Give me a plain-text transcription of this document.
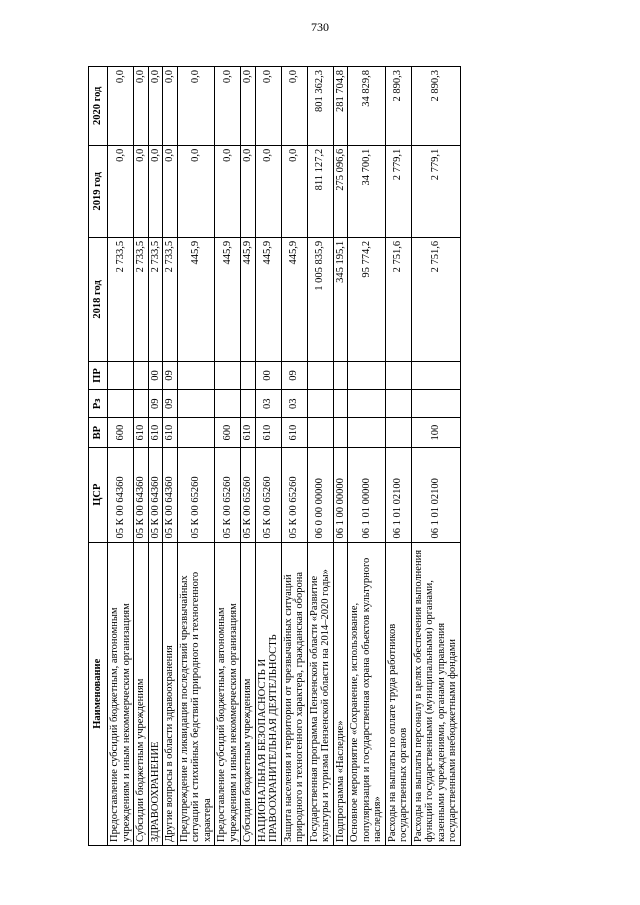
730
Наименование	ЦСР	ВР	Рз	ПР	2018 год	2019 год	2020 год
Предоставление субсидий бюджетным, автономным учреждениям и иным некоммерческим организациям	05 К 00 64360	600			2 733,5	0,0	0,0
Субсидии бюджетным учреждениям	05 К 00 64360	610			2 733,5	0,0	0,0
ЗДРАВООХРАНЕНИЕ	05 К 00 64360	610	09	00	2 733,5	0,0	0,0
Другие вопросы в области здравоохранения	05 К 00 64360	610	09	09	2 733,5	0,0	0,0
Предупреждение и ликвидация последствий чрезвычайных ситуаций и стихийных бедствий природного и техногенного характера	05 К 00 65260				445,9	0,0	0,0
Предоставление субсидий бюджетным, автономным учреждениям и иным некоммерческим организациям	05 К 00 65260	600			445,9	0,0	0,0
Субсидии бюджетным учреждениям	05 К 00 65260	610			445,9	0,0	0,0
НАЦИОНАЛЬНАЯ БЕЗОПАСНОСТЬ И ПРАВООХРАНИТЕЛЬНАЯ ДЕЯТЕЛЬНОСТЬ	05 К 00 65260	610	03	00	445,9	0,0	0,0
Защита населения и территории от чрезвычайных ситуаций природного и техногенного характера, гражданская оборона	05 К 00 65260	610	03	09	445,9	0,0	0,0
Государственная программа Пензенской области «Развитие культуры и туризма Пензенской области на 2014–2020 годы»	06 0 00 00000				1 005 835,9	811 127,2	801 362,3
Подпрограмма «Наследие»	06 1 00 00000				345 195,1	275 096,6	281 704,8
Основное мероприятие «Сохранение, использование, популяризация и государственная охрана объектов культурного наследия»	06 1 01 00000				95 774,2	34 700,1	34 829,8
Расходы на выплаты по оплате труда работников государственных органов	06 1 01 02100				2 751,6	2 779,1	2 890,3
Расходы на выплаты персоналу в целях обеспечения выполнения функций государственными (муниципальными) органами, казенными учреждениями, органами управления государственными внебюджетными фондами	06 1 01 02100	100			2 751,6	2 779,1	2 890,3
